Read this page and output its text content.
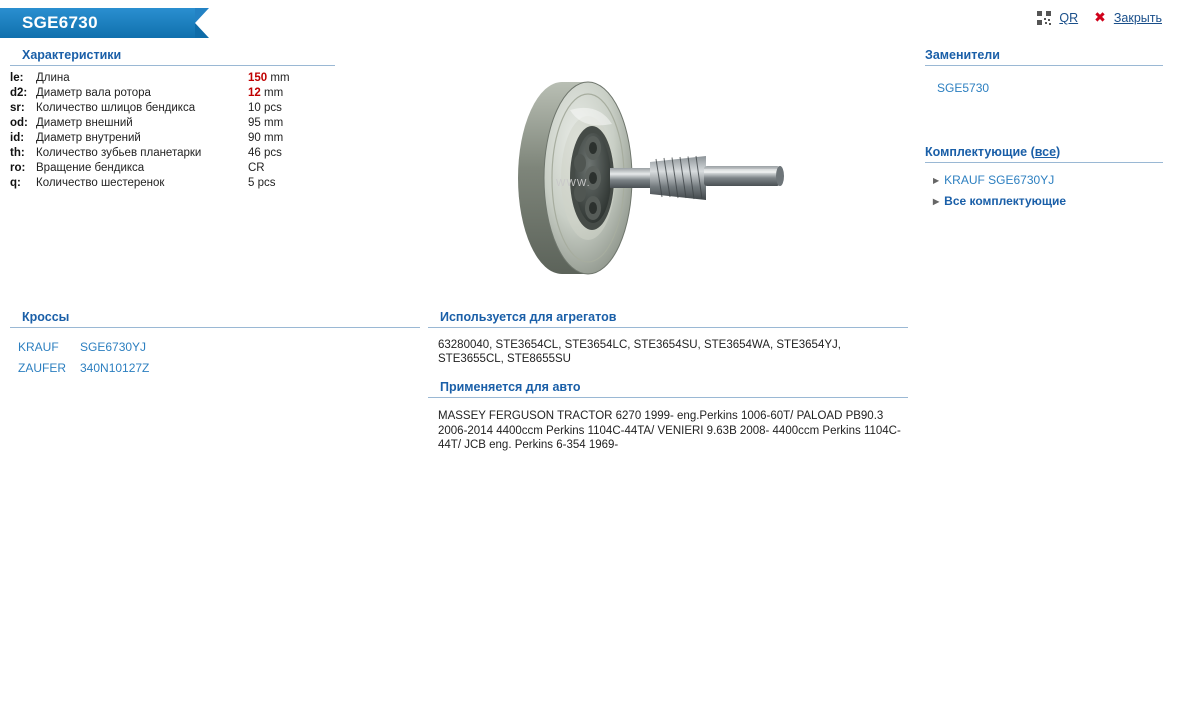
SGE6730	QR ✖ Закрыть
Характеристики
le:	Длина	150 mm
d2:	Диаметр вала ротора	12 mm
sr:	Количество шлицов бендикса	10 pcs
od:	Диаметр внешний	95 mm
id:	Диаметр внутрений	90 mm
th:	Количество зубьев планетарки	46 pcs
ro:	Вращение бендикса	CR
q:	Количество шестеренок	5 pcs	WWW.
Заменители
SGE5730
Комплектующие (все)
▶ KRAUF SGE6730YJ
▶ Все комплектующие
Кроссы
KRAUF SGE6730YJ
ZAUFER 340N10127Z
Используется для агрегатов
63280040, STE3654CL, STE3654LC, STE3654SU, STE3654WA, STE3654YJ, STE3655CL, STE8655SU
Применяется для авто
MASSEY FERGUSON TRACTOR 6270 1999- eng.Perkins 1006-60T/ PALOAD PB90.3 2006-2014 4400ccm Perkins 1104C-44TA/ VENIERI 9.63B 2008- 4400ccm Perkins 1104C-44T/ JCB eng. Perkins 6-354 1969-
